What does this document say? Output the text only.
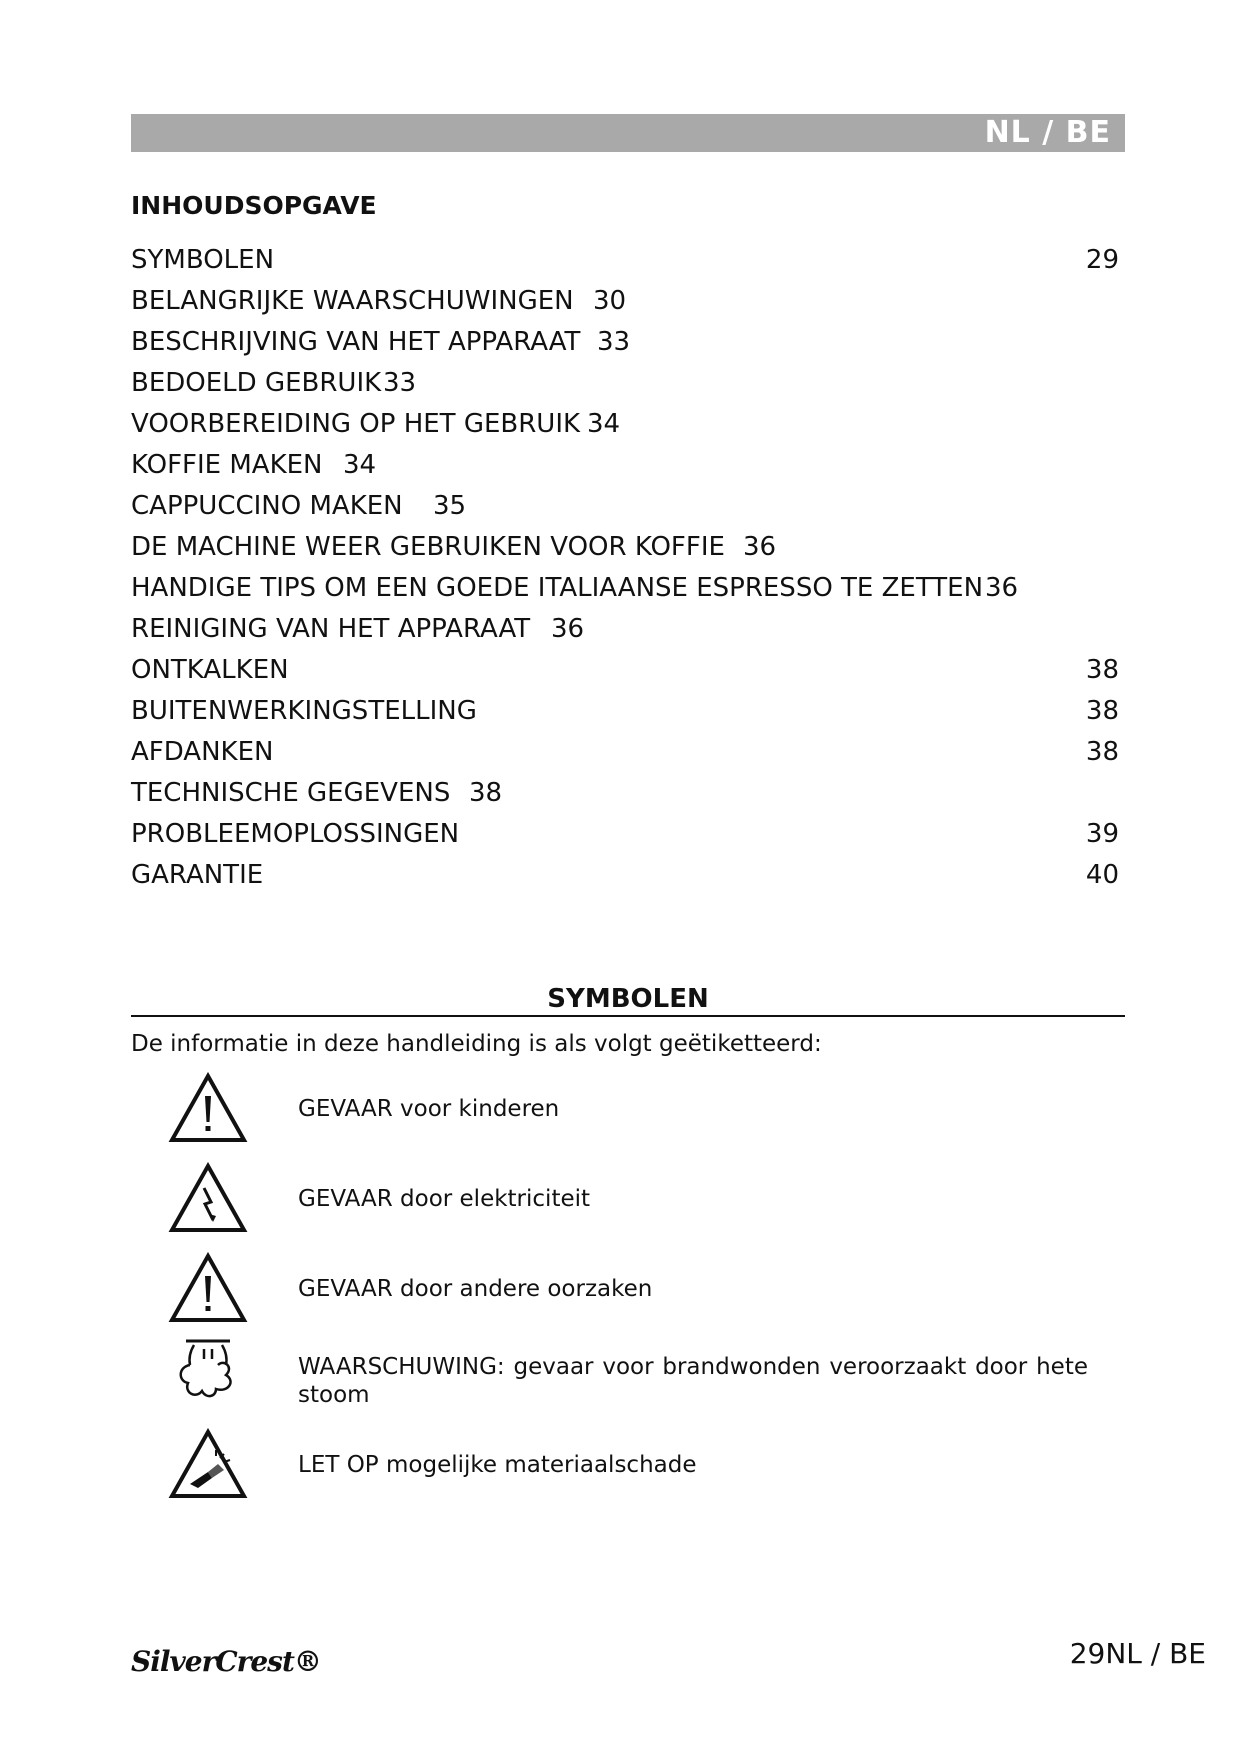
NL / BE
INHOUDSOPGAVE
SYMBOLEN	29
BELANGRIJKE WAARSCHUWINGEN 30
BESCHRIJVING VAN HET APPARAAT 33
BEDOELD GEBRUIK 33
VOORBEREIDING OP HET GEBRUIK 34
KOFFIE MAKEN 34
CAPPUCCINO MAKEN 35
DE MACHINE WEER GEBRUIKEN VOOR KOFFIE 36
HANDIGE TIPS OM EEN GOEDE ITALIAANSE ESPRESSO TE ZETTEN 36
REINIGING VAN HET APPARAAT 36
ONTKALKEN	38
BUITENWERKINGSTELLING	38
AFDANKEN	38
TECHNISCHE GEGEVENS 38
PROBLEEMOPLOSSINGEN	39
GARANTIE	40
SYMBOLEN
De informatie in deze handleiding is als volgt geëtiketteerd:
GEVAAR voor kinderen
GEVAAR door elektriciteit
GEVAAR door andere oorzaken
WAARSCHUWING: gevaar voor brandwonden veroorzaakt door hete stoom
LET OP mogelijke materiaalschade
SilverCrest®	29NL / BE
